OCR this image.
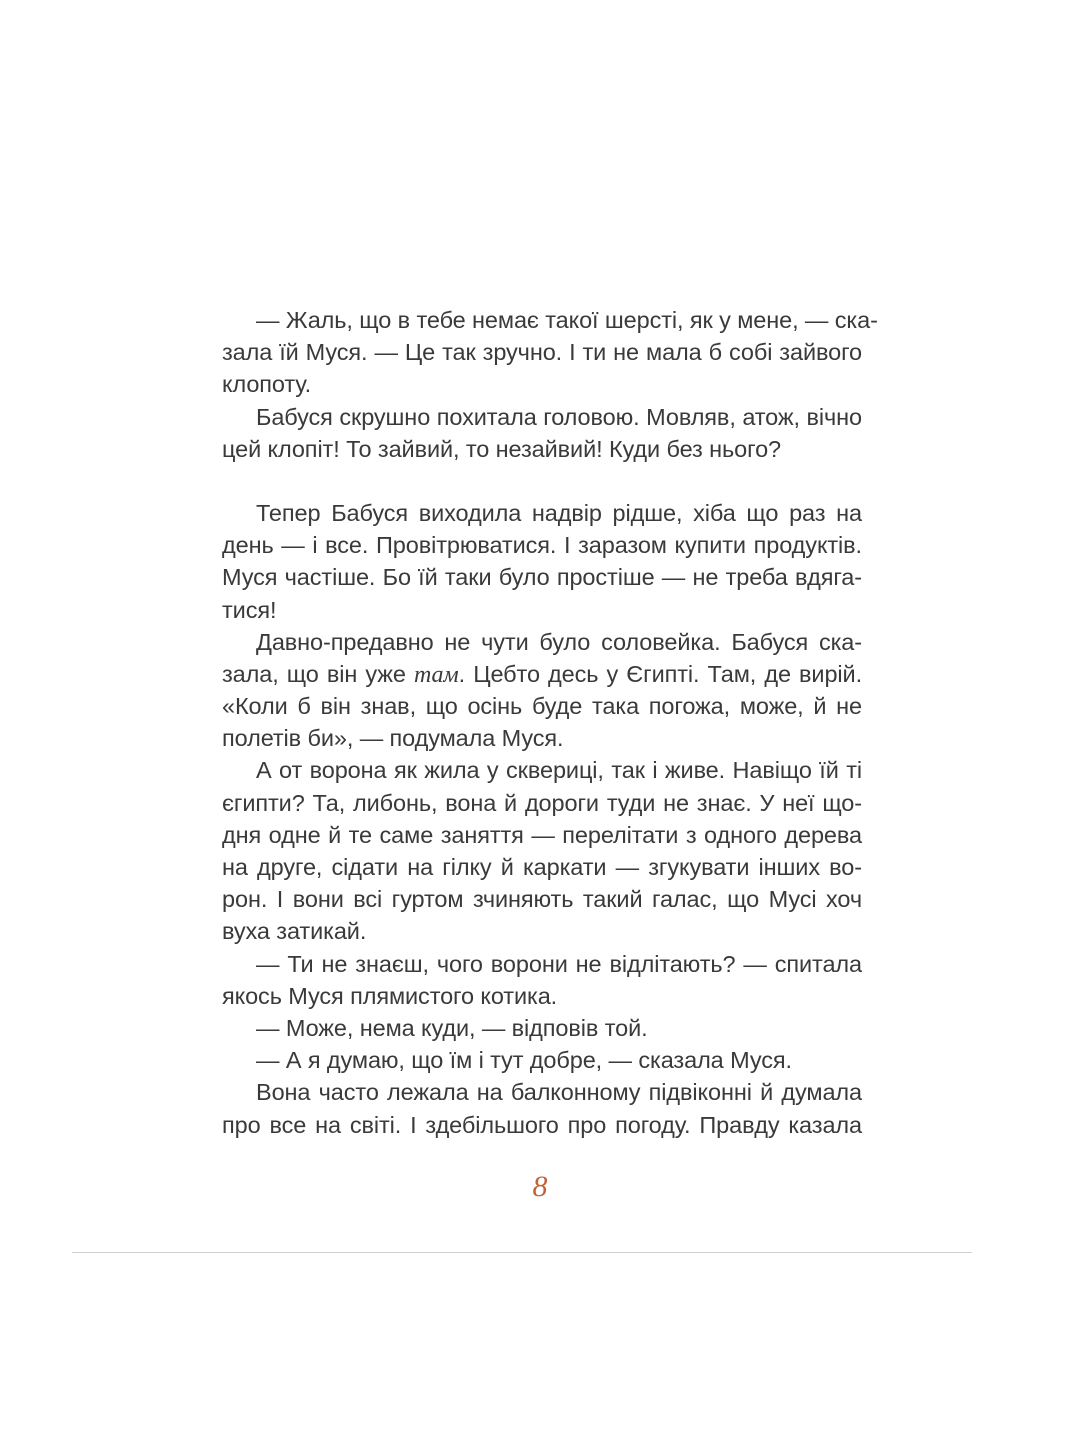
— Жаль, що в тебе немає такої шерсті, як у мене, — ска-
зала їй Муся. — Це так зручно. І ти не мала б собі зайвого
клопоту.
Бабуся скрушно похитала головою. Мовляв, атож, вічно
цей клопіт! То зайвий, то незайвий! Куди без нього?
Тепер Бабуся виходила надвір рідше, хіба що раз на
день — і все. Провітрюватися. І заразом купити продуктів.
Муся частіше. Бо їй таки було простіше — не треба вдяга-
тися!
Давно-предавно не чути було соловейка. Бабуся ска-
зала, що він уже там. Цебто десь у Єгипті. Там, де вирій.
«Коли б він знав, що осінь буде така погожа, може, й не
полетів би», — подумала Муся.
А от ворона як жила у сквериці, так і живе. Навіщо їй ті
єгипти? Та, либонь, вона й дороги туди не знає. У неї що-
дня одне й те саме заняття — перелітати з одного дерева
на друге, сідати на гілку й каркати — згукувати інших во-
рон. І вони всі гуртом зчиняють такий галас, що Мусі хоч
вуха затикай.
— Ти не знаєш, чого ворони не відлітають? — спитала
якось Муся плямистого котика.
— Може, нема куди, — відповів той.
— А я думаю, що їм і тут добре, — сказала Муся.
Вона часто лежала на балконному підвіконні й думала
про все на світі. І здебільшого про погоду. Правду казала
8
